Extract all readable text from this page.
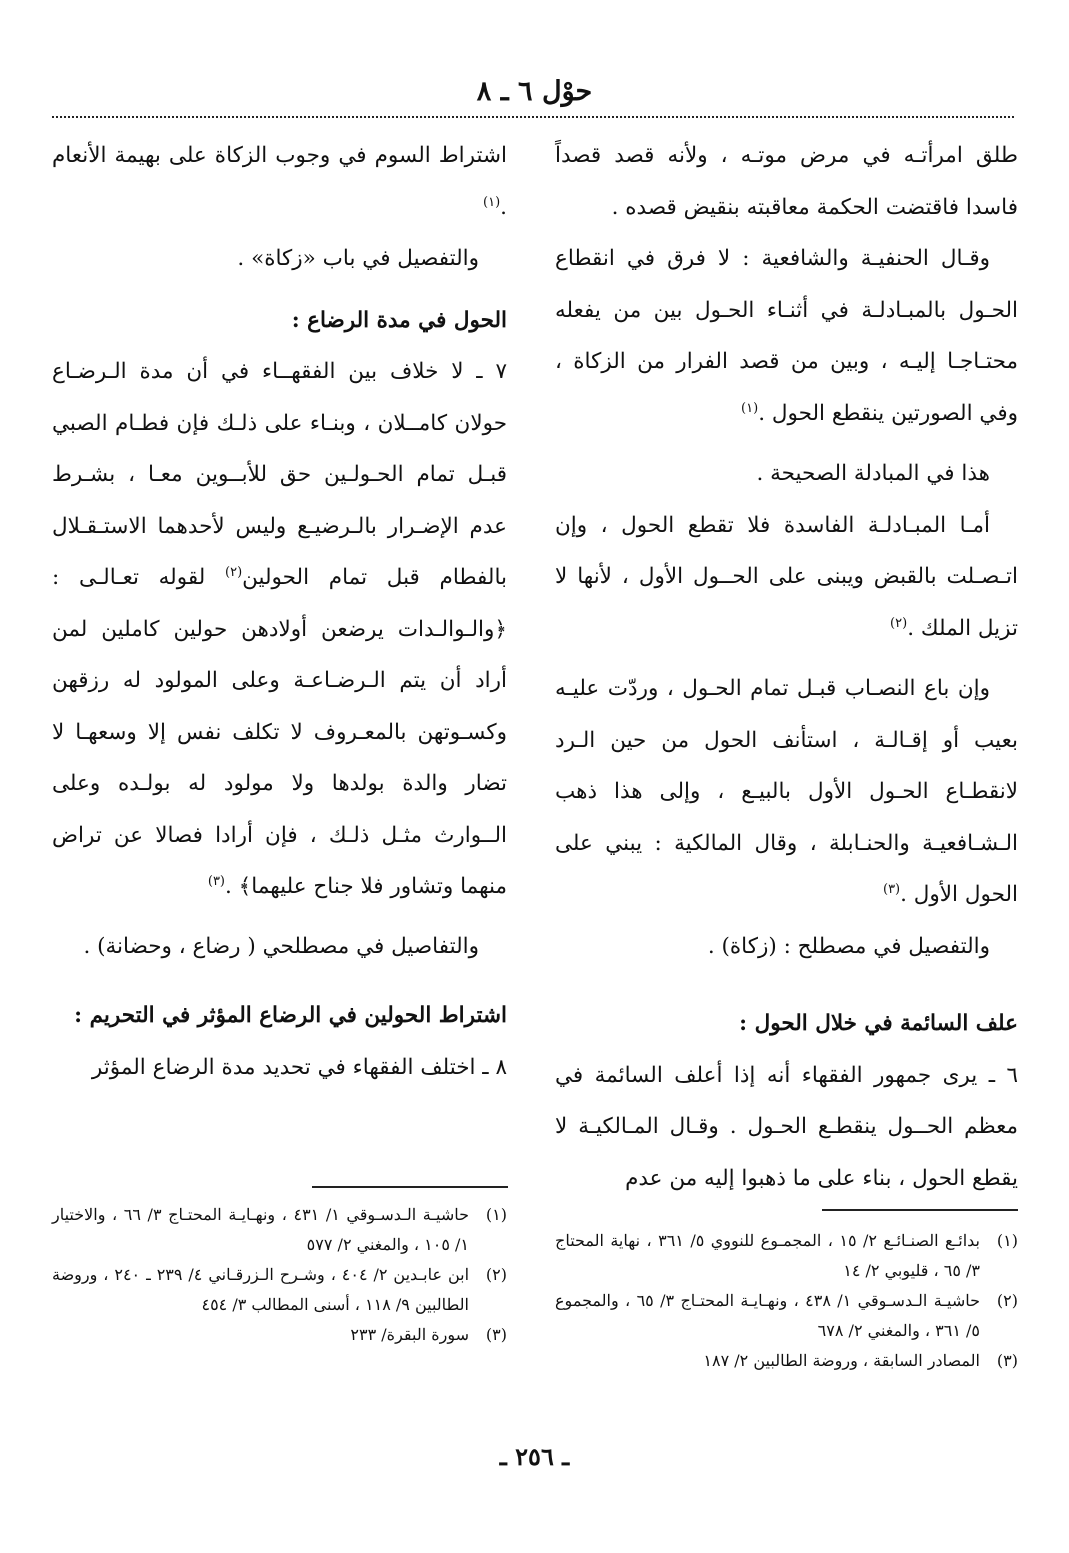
حوْل ٦ ـ ٨

طلق امرأتـه في مرض موتـه ، ولأنه قصد قصداً فاسدا فاقتضت الحكمة معاقبته بنقيض قصده .

وقـال الحنفيـة والشافعية : لا فرق في انقطاع الحـول بالمبـادلـة في أثنـاء الحـول بين من يفعله محتـاجـا إليـه ، وبين من قصد الفرار من الزكاة ، وفي الصورتين ينقطع الحول .$^{(١)}$

هذا في المبادلة الصحيحة .

أمـا المبـادلـة الفاسدة فلا تقطع الحول ، وإن اتـصـلت بالقبض ويبنى على الحــول الأول ، لأنها لا تزيل الملك .$^{(٢)}$

وإن باع النصـاب قبـل تمام الحـول ، وردّت عليـه بعيب أو إقـالـة ، استأنف الحول من حين الـرد لانقطـاع الحـول الأول بالبيـع ، وإلى هذا ذهب الـشـافعيـة والحنـابلة ، وقال المالكية : يبني على الحول الأول .$^{(٣)}$

والتفصيل في مصطلح : (زكاة) .

علف السائمة في خلال الحول :

٦ ـ يرى جمهور الفقهاء أنه إذا أعلف السائمة في معظم الحــول ينقطـع الحـول . وقـال المـالكيـة لا يقطع الحول ، بناء على ما ذهبوا إليه من عدم

اشتراط السوم في وجوب الزكاة على بهيمة الأنعام .$^{(١)}$

والتفصيل في باب «زكاة» .

الحول في مدة الرضاع :

٧ ـ لا خلاف بين الفقهــاء في أن مدة الـرضـاع حولان كامــلان ، وبنـاء على ذلـك فإن فطـام الصبي قبـل تمام الحـولـين حق للأبــوين معـا ، بشـرط عدم الإضـرار بالـرضيـع وليس لأحدهما الاستـقـلال بالفطام قبل تمام الحولين$^{(٢)}$ لقوله تعـالـى : ﴿والـوالـدات يرضعن أولادهن حولين كاملين لمن أراد أن يتم الـرضـاعـة وعلى المولود له رزقهن وكسـوتهن بالمعـروف لا تكلف نفس إلا وسعهـا لا تضار والدة بولدها ولا مولود له بولـده وعلى الــوارث مثـل ذلـك ، فإن أرادا فصالا عن تراض منهما وتشاور فلا جناح عليهما﴾ .$^{(٣)}$

والتفاصيل في مصطلحي ( رضاع ، وحضانة) .

اشتراط الحولين في الرضاع المؤثر في التحريم :

٨ ـ اختلف الفقهاء في تحديد مدة الرضاع المؤثر

(١)
بدائـع الصنـائـع ٢/ ١٥ ، المجمـوع للنووي ٥/ ٣٦١ ، نهاية المحتاج ٣/ ٦٥ ، قليوبي ٢/ ١٤
(٢)
حاشيـة الـدسـوقي ١/ ٤٣٨ ، ونهـايـة المحتـاج ٣/ ٦٥ ، والمجموع ٥/ ٣٦١ ، والمغني ٢/ ٦٧٨
(٣)
المصادر السابقة ، وروضة الطالبين ٢/ ١٨٧
(١)
حاشيـة الـدسـوقي ١/ ٤٣١ ، ونهـايـة المحتـاج ٣/ ٦٦ ، والاختيار ١/ ١٠٥ ، والمغني ٢/ ٥٧٧
(٢)
ابن عابـدين ٢/ ٤٠٤ ، وشـرح الـزرقـاني ٤/ ٢٣٩ ـ ٢٤٠ ، وروضة الطالبين ٩/ ١١٨ ، أسنى المطالب ٣/ ٤٥٤
(٣)
سورة البقرة/ ٢٣٣
ـ ٢٥٦ ـ
